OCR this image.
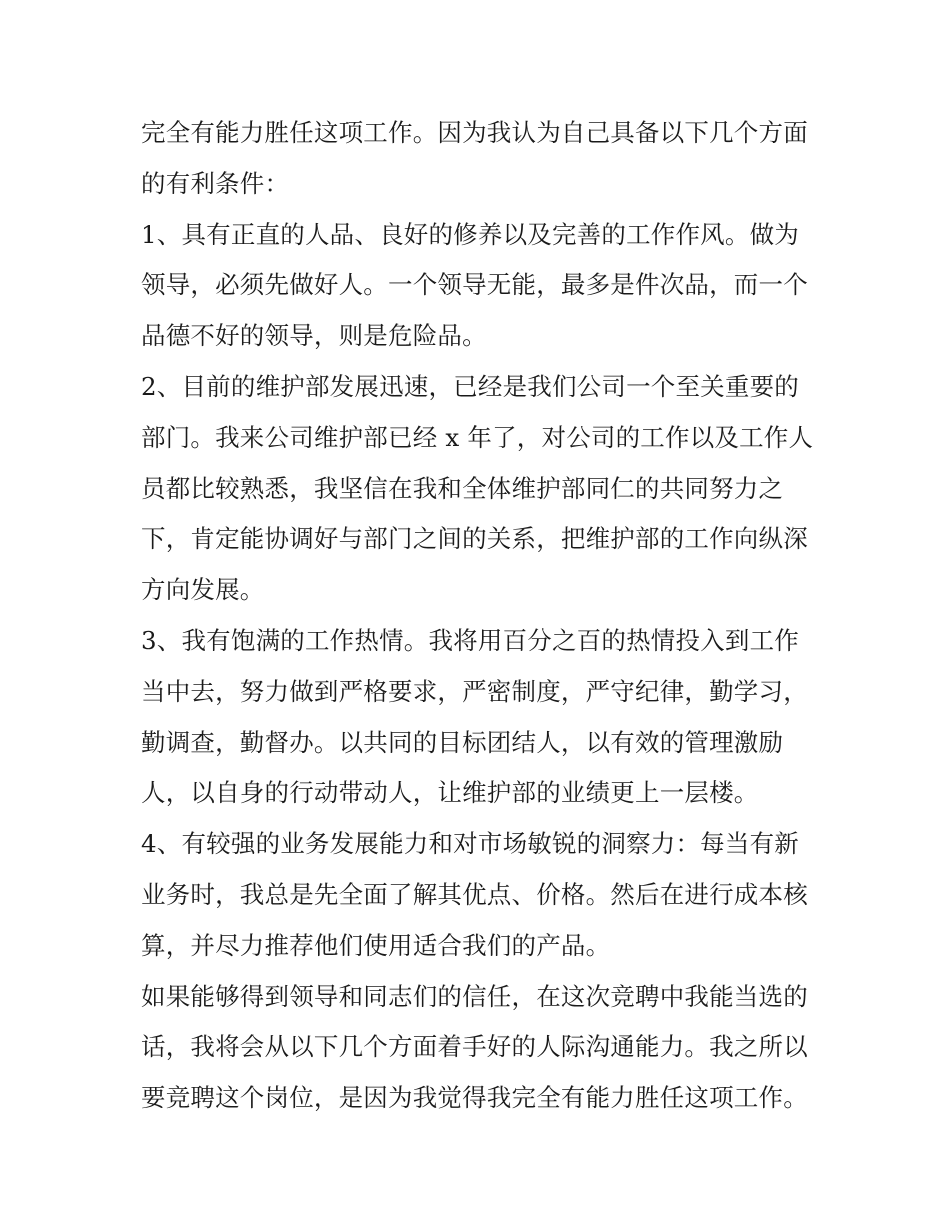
完全有能力胜任这项工作。因为我认为自己具备以下几个方面
的有利条件：
1、具有正直的人品、良好的修养以及完善的工作作风。做为
领导，必须先做好人。一个领导无能，最多是件次品，而一个
品德不好的领导，则是危险品。
2、目前的维护部发展迅速，已经是我们公司一个至关重要的
部门。我来公司维护部已经 x 年了，对公司的工作以及工作人
员都比较熟悉，我坚信在我和全体维护部同仁的共同努力之
下，肯定能协调好与部门之间的关系，把维护部的工作向纵深
方向发展。
3、我有饱满的工作热情。我将用百分之百的热情投入到工作
当中去，努力做到严格要求，严密制度，严守纪律，勤学习，
勤调查，勤督办。以共同的目标团结人，以有效的管理激励
人，以自身的行动带动人，让维护部的业绩更上一层楼。
4、有较强的业务发展能力和对市场敏锐的洞察力：每当有新
业务时，我总是先全面了解其优点、价格。然后在进行成本核
算，并尽力推荐他们使用适合我们的产品。
如果能够得到领导和同志们的信任，在这次竞聘中我能当选的
话，我将会从以下几个方面着手好的人际沟通能力。我之所以
要竞聘这个岗位，是因为我觉得我完全有能力胜任这项工作。
